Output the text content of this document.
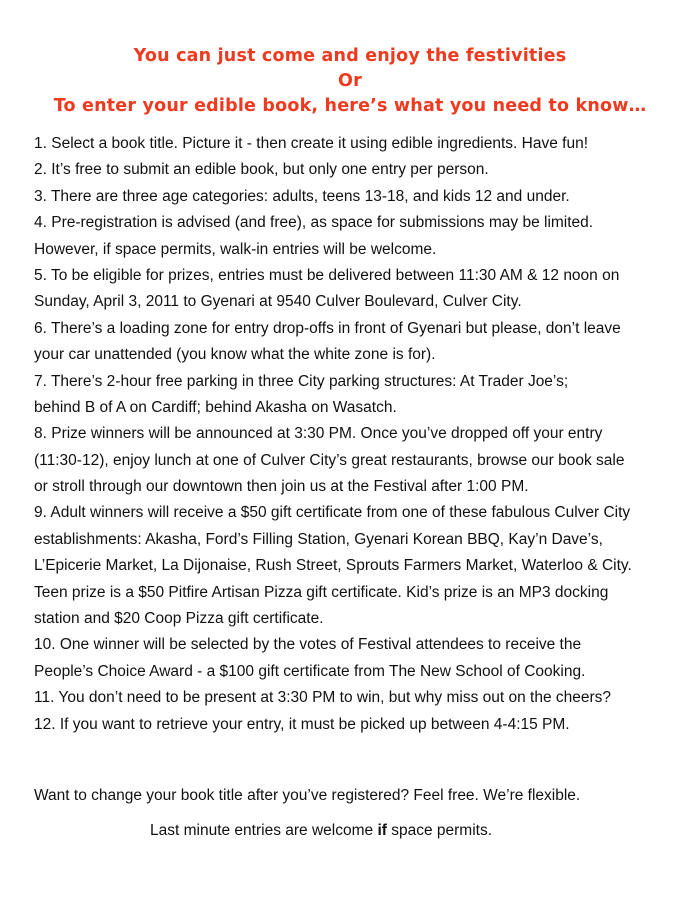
You can just come and enjoy the festivities
Or
To enter your edible book, here’s what you need to know…
1. Select a book title. Picture it - then create it using edible ingredients. Have fun!
2. It’s free to submit an edible book, but only one entry per person.
3. There are three age categories: adults, teens 13-18, and kids 12 and under.
4. Pre-registration is advised (and free), as space for submissions may be limited.
However, if space permits, walk-in entries will be welcome.
5. To be eligible for prizes, entries must be delivered between 11:30 AM & 12 noon on
Sunday, April 3, 2011 to Gyenari at 9540 Culver Boulevard, Culver City.
6. There’s a loading zone for entry drop-offs in front of Gyenari but please, don’t leave
your car unattended (you know what the white zone is for).
7. There’s 2-hour free parking in three City parking structures: At Trader Joe’s;
behind B of A on Cardiff; behind Akasha on Wasatch.
8. Prize winners will be announced at 3:30 PM. Once you’ve dropped off your entry
(11:30-12), enjoy lunch at one of Culver City’s great restaurants, browse our book sale
or stroll through our downtown then join us at the Festival after 1:00 PM.
9. Adult winners will receive a $50 gift certificate from one of these fabulous Culver City
establishments: Akasha, Ford’s Filling Station, Gyenari Korean BBQ, Kay’n Dave’s,
L’Epicerie Market, La Dijonaise, Rush Street, Sprouts Farmers Market, Waterloo & City.
Teen prize is a $50 Pitfire Artisan Pizza gift certificate. Kid’s prize is an MP3 docking
station and $20 Coop Pizza gift certificate.
10. One winner will be selected by the votes of Festival attendees to receive the
People’s Choice Award - a $100 gift certificate from The New School of Cooking.
11. You don’t need to be present at 3:30 PM to win, but why miss out on the cheers?
12. If you want to retrieve your entry, it must be picked up between 4-4:15 PM.
Want to change your book title after you’ve registered? Feel free. We’re flexible.
Last minute entries are welcome if space permits.
